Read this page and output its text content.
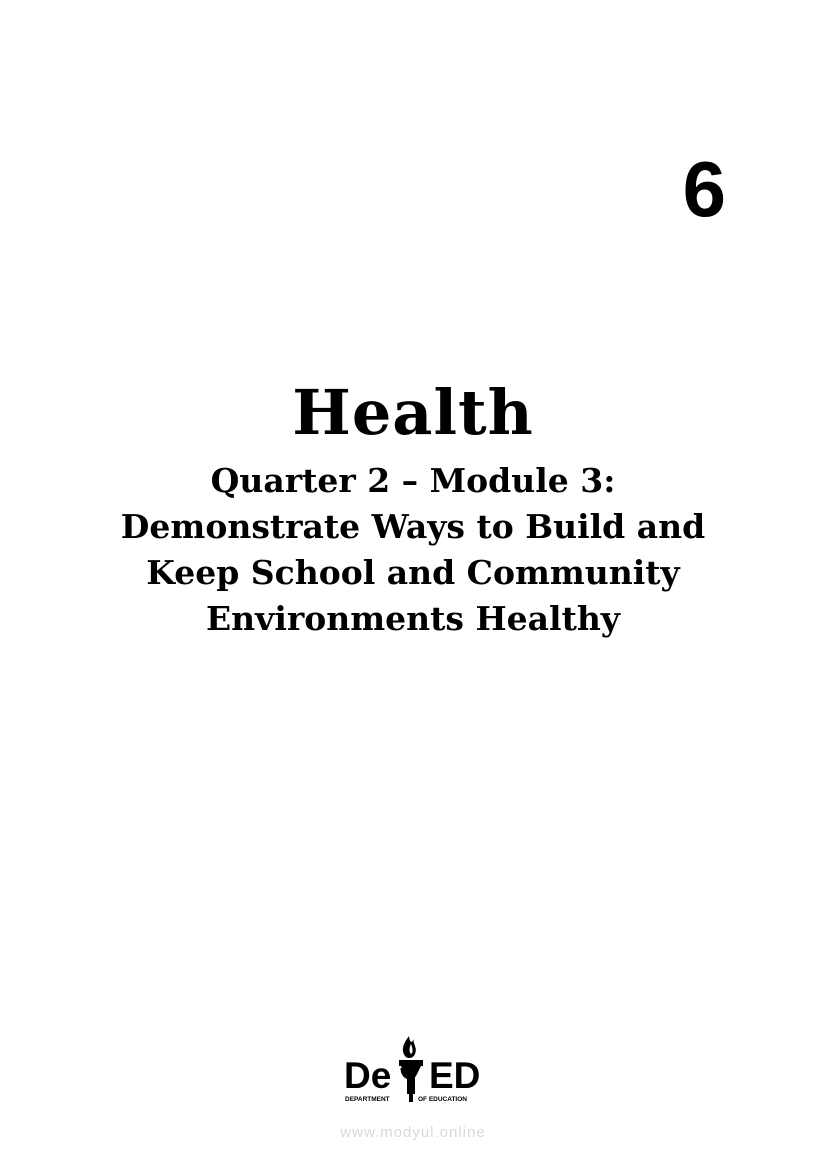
6
Health
Quarter 2 – Module 3:
Demonstrate Ways to Build and
Keep School and Community
Environments Healthy
De ED
DEPARTMENT	OF EDUCATION
www.modyul.online
